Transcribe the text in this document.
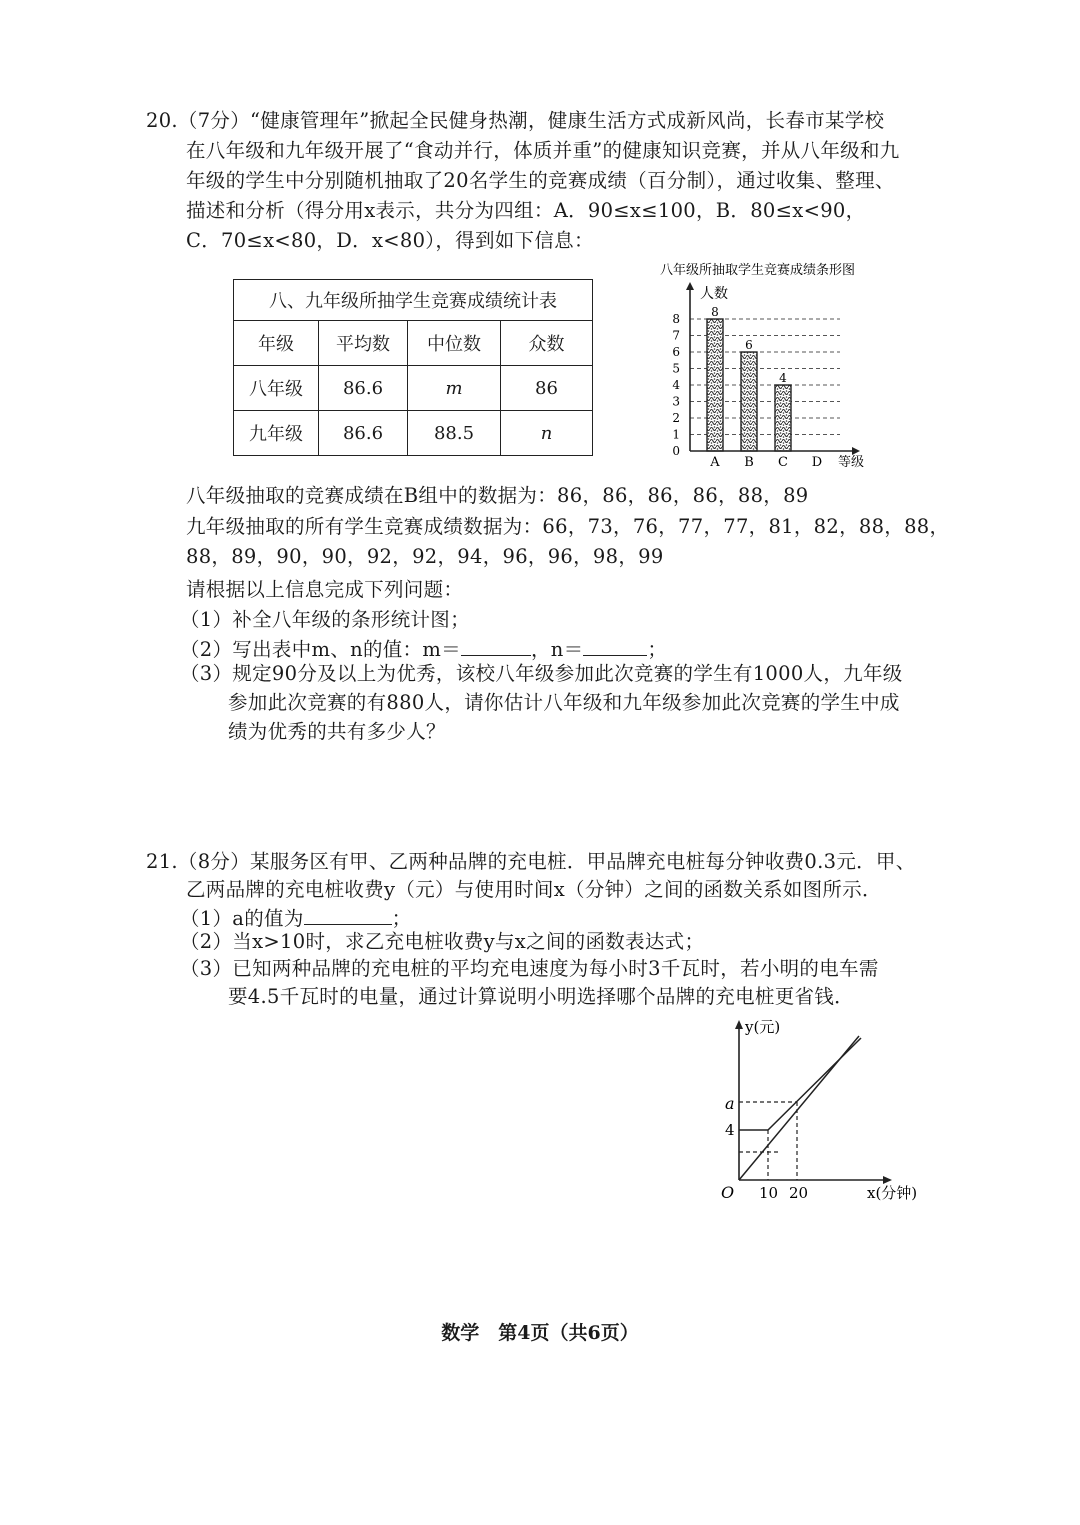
20.（7分）“健康管理年”掀起全民健身热潮，健康生活方式成新风尚，长春市某学校
在八年级和九年级开展了“食动并行，体质并重”的健康知识竞赛，并从八年级和九
年级的学生中分别随机抽取了20名学生的竞赛成绩（百分制），通过收集、整理、
描述和分析（得分用x表示，共分为四组：A．90≤x≤100，B．80≤x<90，
C．70≤x<80，D．x<80），得到如下信息：
八、九年级所抽学生竞赛成绩统计表			
年级	平均数	中位数	众数
八年级	86.6	m	86
九年级	86.6	88.5	n
八年级所抽取学生竞赛成绩条形图
人数
8
6
4
0
1
2
3
4
5
6
7
8
A B C D 等级
八年级抽取的竞赛成绩在B组中的数据为：86，86，86，86，88，89
九年级抽取的所有学生竞赛成绩数据为：66，73，76，77，77，81，82，88，88，
88，89，90，90，92，92，94，96，96，98，99
请根据以上信息完成下列问题：
（1）补全八年级的条形统计图；
（2）写出表中m、n的值：m＝	，n＝	；
（3）规定90分及以上为优秀，该校八年级参加此次竞赛的学生有1000人，九年级
参加此次竞赛的有880人，请你估计八年级和九年级参加此次竞赛的学生中成
绩为优秀的共有多少人？
21.（8分）某服务区有甲、乙两种品牌的充电桩．甲品牌充电桩每分钟收费0.3元．甲、
乙两品牌的充电桩收费y（元）与使用时间x（分钟）之间的函数关系如图所示．
（1）a的值为	；
（2）当x>10时，求乙充电桩收费y与x之间的函数表达式；
（3）已知两种品牌的充电桩的平均充电速度为每小时3千瓦时，若小明的电车需
要4.5千瓦时的电量，通过计算说明小明选择哪个品牌的充电桩更省钱．
y(元)
x(分钟)
O
a
4
10 20
数学　第4页（共6页）
